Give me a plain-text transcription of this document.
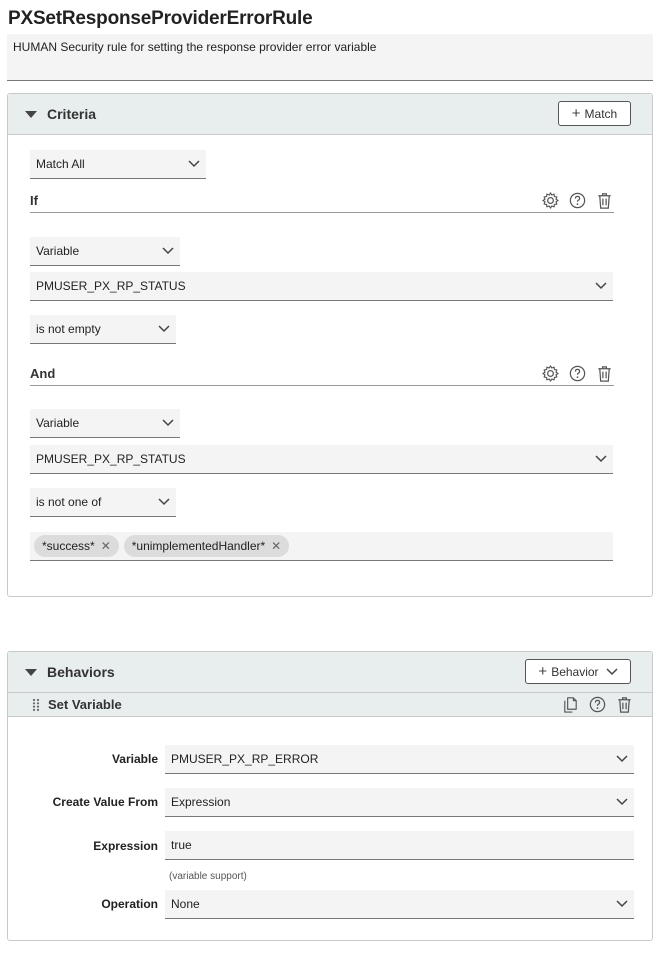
PXSetResponseProviderErrorRule
HUMAN Security rule for setting the response provider error variable
Criteria	+ Match
Match All
If
Variable
PMUSER_PX_RP_STATUS
is not empty
And
Variable
PMUSER_PX_RP_STATUS
is not one of
*success* ✕ *unimplementedHandler* ✕
Behaviors	+ Behavior
Set Variable
Variable PMUSER_PX_RP_ERROR
Create Value From Expression
Expression true
(variable support)
Operation None
